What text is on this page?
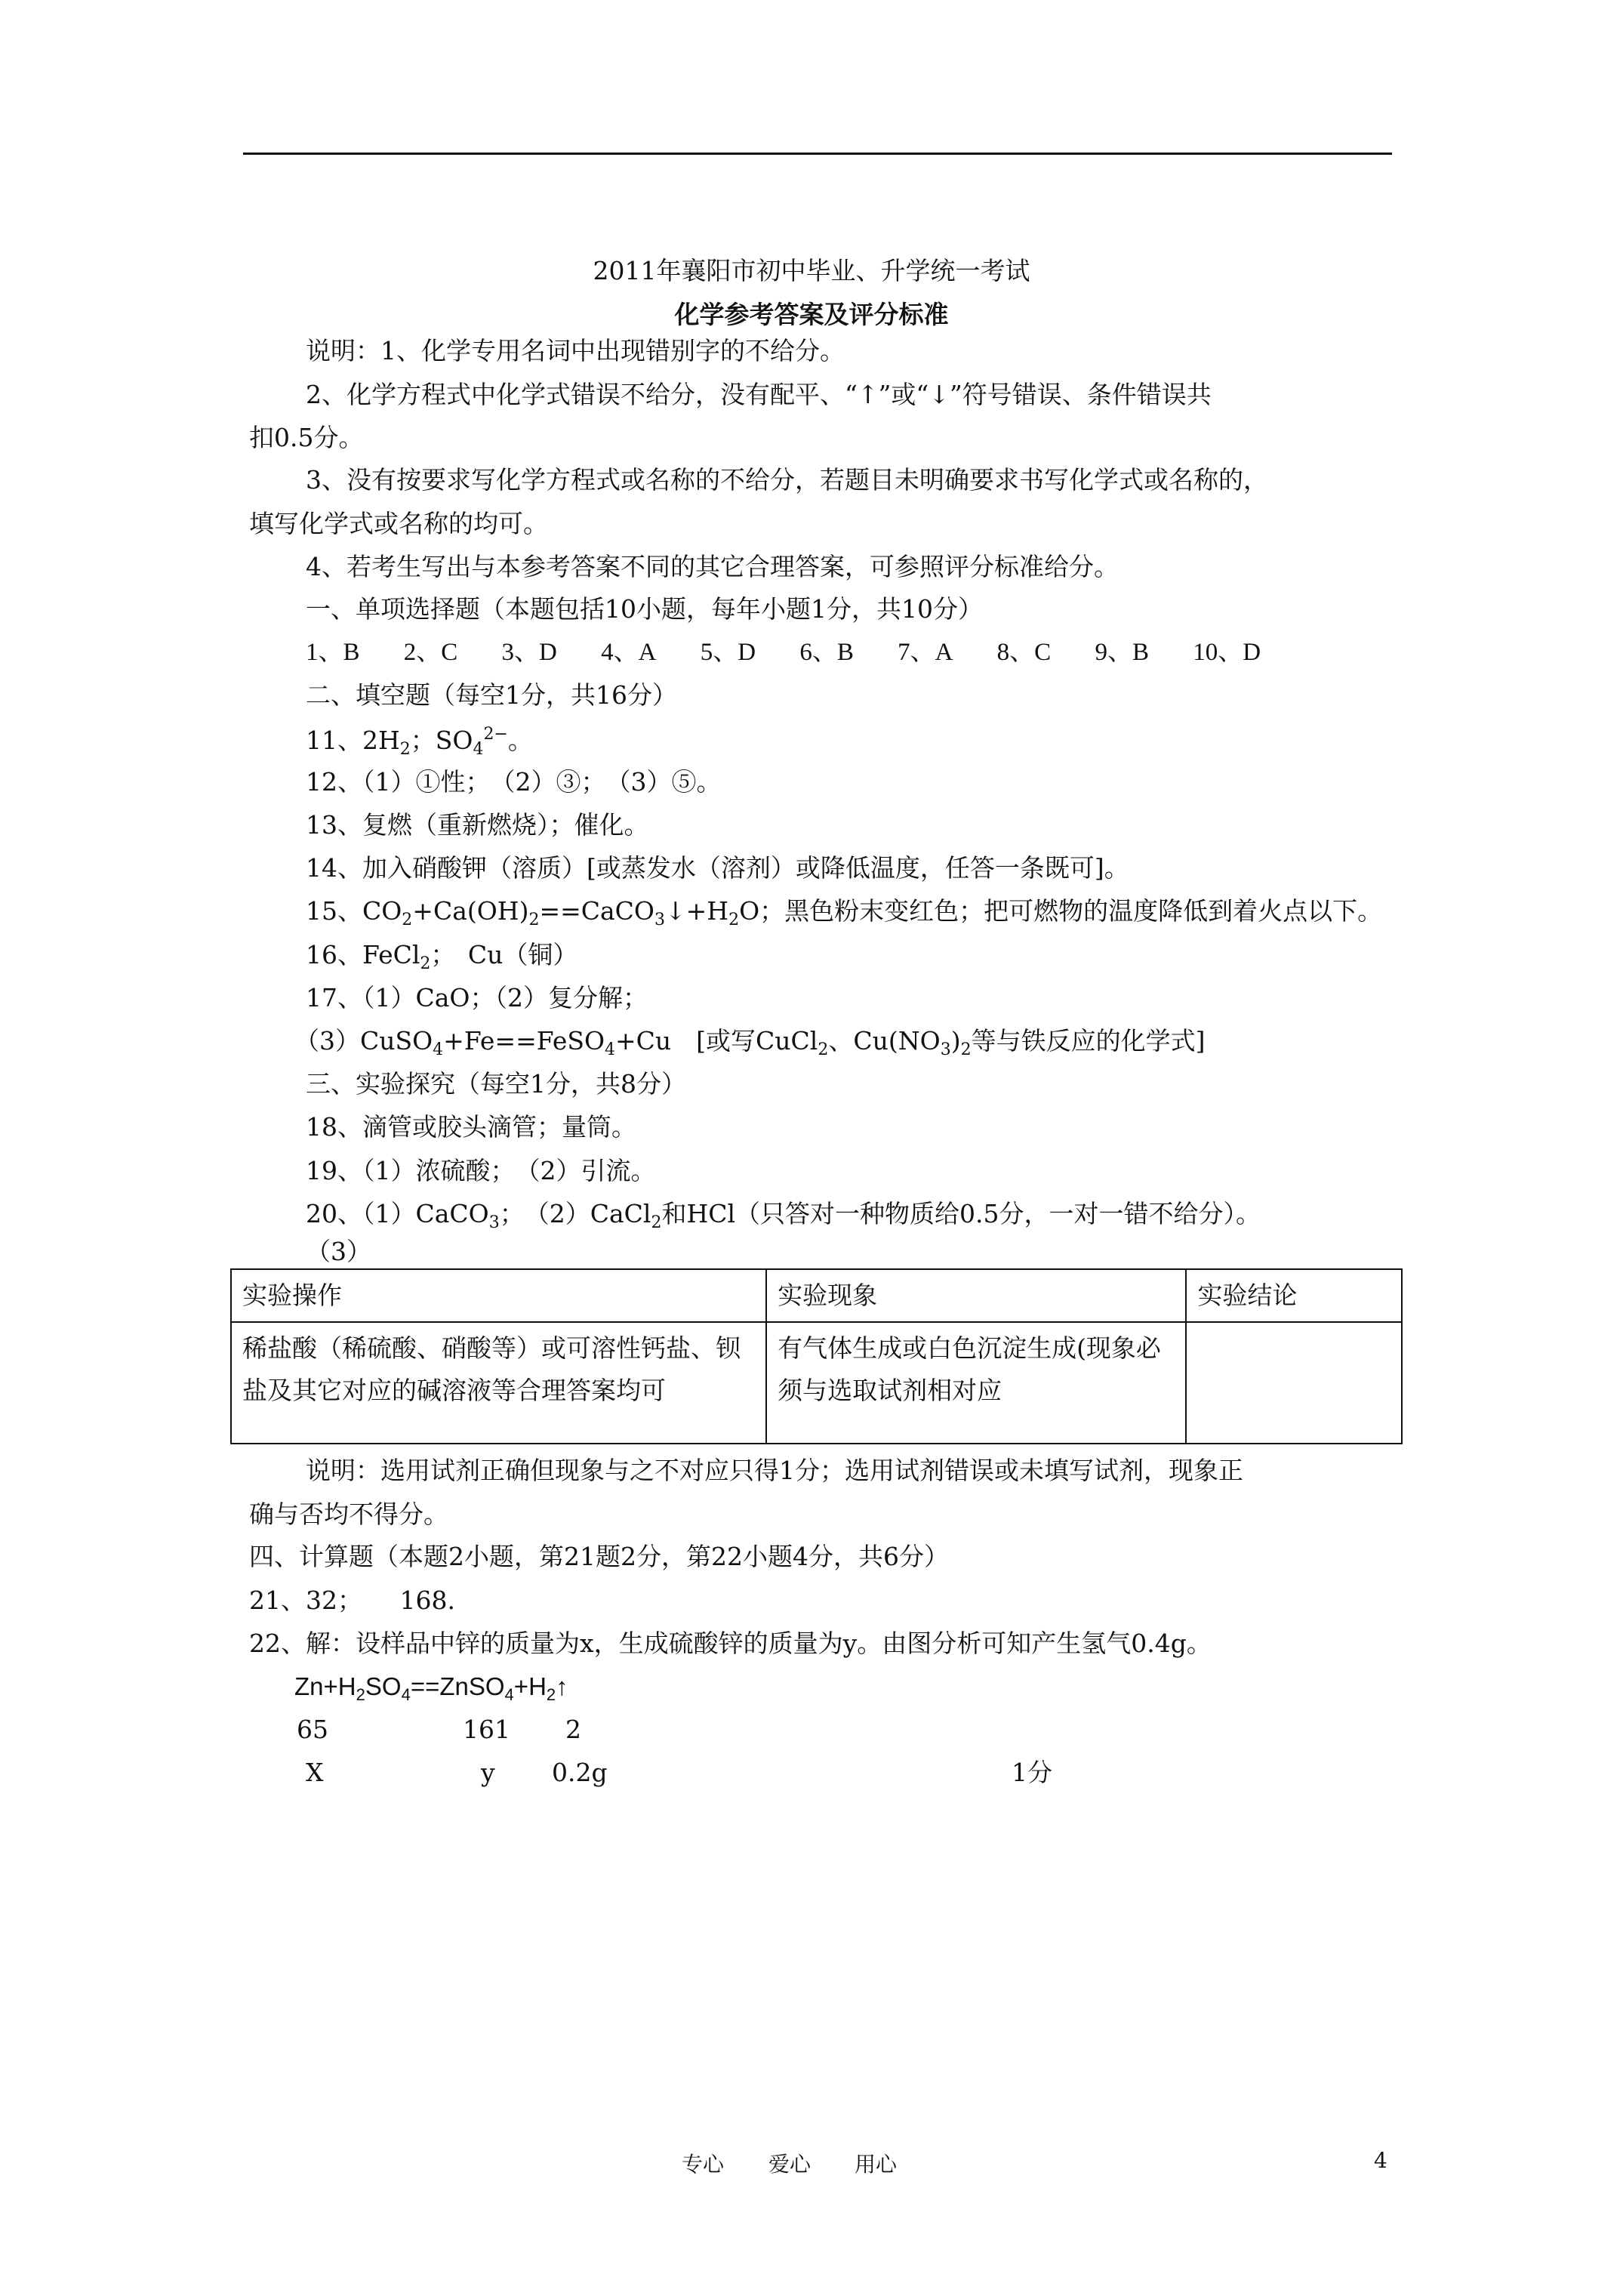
2011年襄阳市初中毕业、升学统一考试
化学参考答案及评分标准
说明：1、化学专用名词中出现错别字的不给分。
2、化学方程式中化学式错误不给分，没有配平、“↑”或“↓”符号错误、条件错误共
扣0.5分。
3、没有按要求写化学方程式或名称的不给分，若题目未明确要求书写化学式或名称的，
填写化学式或名称的均可。
4、若考生写出与本参考答案不同的其它合理答案，可参照评分标准给分。
一、单项选择题（本题包括10小题，每年小题1分，共10分）
1、B 2、C 3、D 4、A 5、D 6、B 7、A 8、C 9、B 10、D
二、填空题（每空1分，共16分）
11、$2H_2$；$SO_4^{2-}$。
12、（1）①性；　（2）③；　（3）⑤。
13、复燃（重新燃烧）；催化。
14、加入硝酸钾（溶质）[或蒸发水（溶剂）或降低温度，任答一条既可]。
15、$CO_2+Ca(OH)_2==CaCO_3↓+H_2O$；黑色粉末变红色；把可燃物的温度降低到着火点以下。
16、FeCl$_2$；　Cu（铜）
17、（1）CaO；（2）复分解；
（3）CuSO$_4$+Fe==FeSO$_4$+Cu　[或写CuCl$_2$、$Cu(NO_3)_2$等与铁反应的化学式]
三、实验探究（每空1分，共8分）
18、滴管或胶头滴管；量筒。
19、（1）浓硫酸；　（2）引流。
20、（1）CaCO$_3$；　（2）CaCl$_2$和HCl（只答对一种物质给0.5分，一对一错不给分）。
（3）
实验操作	实验现象	实验结论
稀盐酸（稀硫酸、硝酸等）或可溶性钙盐、钡盐及其它对应的碱溶液等合理答案均可	有气体生成或白色沉淀生成(现象必须与选取试剂相对应	
说明：选用试剂正确但现象与之不对应只得1分；选用试剂错误或未填写试剂，现象正
确与否均不得分。
四、计算题（本题2小题，第21题2分，第22小题4分，共6分）
21、32；　　168.
22、解：设样品中锌的质量为x，生成硫酸锌的质量为y。由图分析可知产生氢气0.4g。
$Zn+H_2SO_4==ZnSO_4+H_2↑$
65	161 2
X	y 0.2g	1分
专心 爱心 用心	4
